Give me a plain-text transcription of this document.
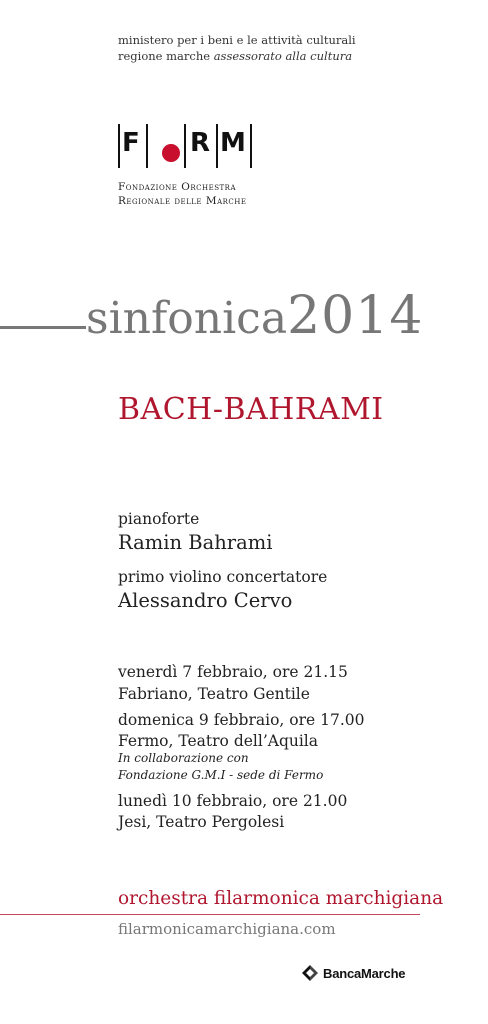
ministero per i beni e le attività culturali
regione marche assessorato alla cultura
F R M
Fondazione Orchestra
Regionale delle Marche
sinfonica2014
BACH-BAHRAMI
pianoforte
Ramin Bahrami
primo violino concertatore
Alessandro Cervo
venerdì 7 febbraio, ore 21.15
Fabriano, Teatro Gentile
domenica 9 febbraio, ore 17.00
Fermo, Teatro dell’Aquila
In collaborazione con
Fondazione G.M.I - sede di Fermo
lunedì 10 febbraio, ore 21.00
Jesi, Teatro Pergolesi
orchestra filarmonica marchigiana
filarmonicamarchigiana.com
BancaMarche
